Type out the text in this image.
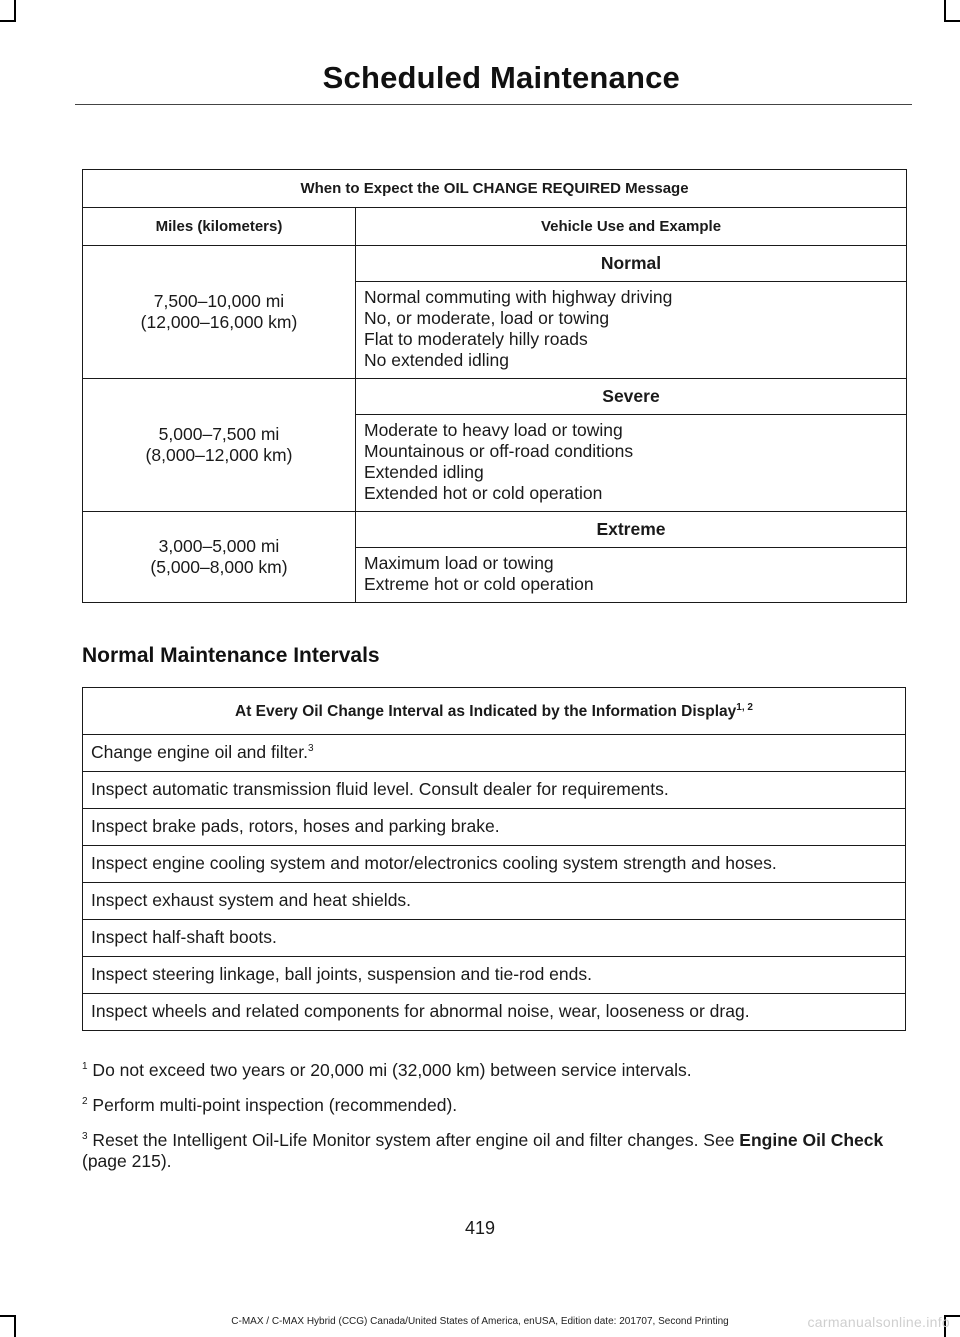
Scheduled Maintenance
When to Expect the OIL CHANGE REQUIRED Message	
Miles (kilometers)	Vehicle Use and Example

7,500–10,000 mi
(12,000–16,000 km)	Normal

	Normal commuting with highway driving
No, or moderate, load or towing
Flat to moderately hilly roads
No extended idling

5,000–7,500 mi
(8,000–12,000 km)	Severe

	Moderate to heavy load or towing
Mountainous or off-road conditions
Extended idling
Extended hot or cold operation

3,000–5,000 mi
(5,000–8,000 km)	Extreme

	Maximum load or towing
Extreme hot or cold operation
Normal Maintenance Intervals
At Every Oil Change Interval as Indicated by the Information Display$^{1, 2}$
Change engine oil and filter.$^3$
Inspect automatic transmission fluid level. Consult dealer for requirements.
Inspect brake pads, rotors, hoses and parking brake.
Inspect engine cooling system and motor/electronics cooling system strength and hoses.
Inspect exhaust system and heat shields.
Inspect half-shaft boots.
Inspect steering linkage, ball joints, suspension and tie-rod ends.
Inspect wheels and related components for abnormal noise, wear, looseness or drag.
$^1$ Do not exceed two years or 20,000 mi (32,000 km) between service intervals.
$^2$ Perform multi-point inspection (recommended).
$^3$ Reset the Intelligent Oil-Life Monitor system after engine oil and filter changes. See Engine Oil Check (page 215).
419
C-MAX / C-MAX Hybrid (CCG) Canada/United States of America, enUSA, Edition date: 201707, Second Printing	carmanualsonline.info
